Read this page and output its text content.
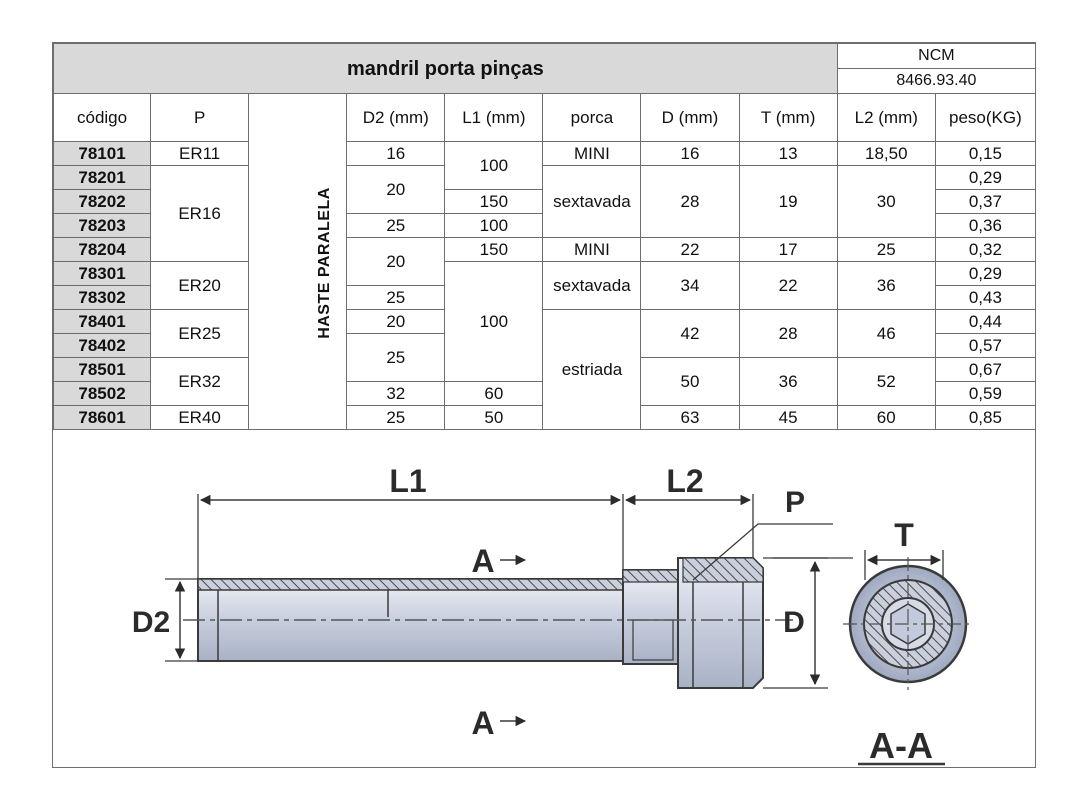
mandril porta pinças								NCM	
								8466.93.40	
código	P	HASTE PARALELA	D2 (mm)	L1 (mm)	porca	D (mm)	T (mm)	L2 (mm)	peso(KG)
78101	ER11		16	100	MINI	16	13	18,50	0,15
78201	ER16		20		sextavada	28	19	30	0,29
78202				150					0,37
78203			25	100					0,36
78204			20	150	MINI	22	17	25	0,32
78301	ER20			100	sextavada	34	22	36	0,29
78302			25						0,43
78401	ER25		20		estriada	42	28	46	0,44
78402			25						0,57
78501	ER32					50	36	52	0,67
78502			32	60					0,59
78601	ER40		25	50		63	45	60	0,85
L1	L2
P
A
A
D2	D
T
A-A
